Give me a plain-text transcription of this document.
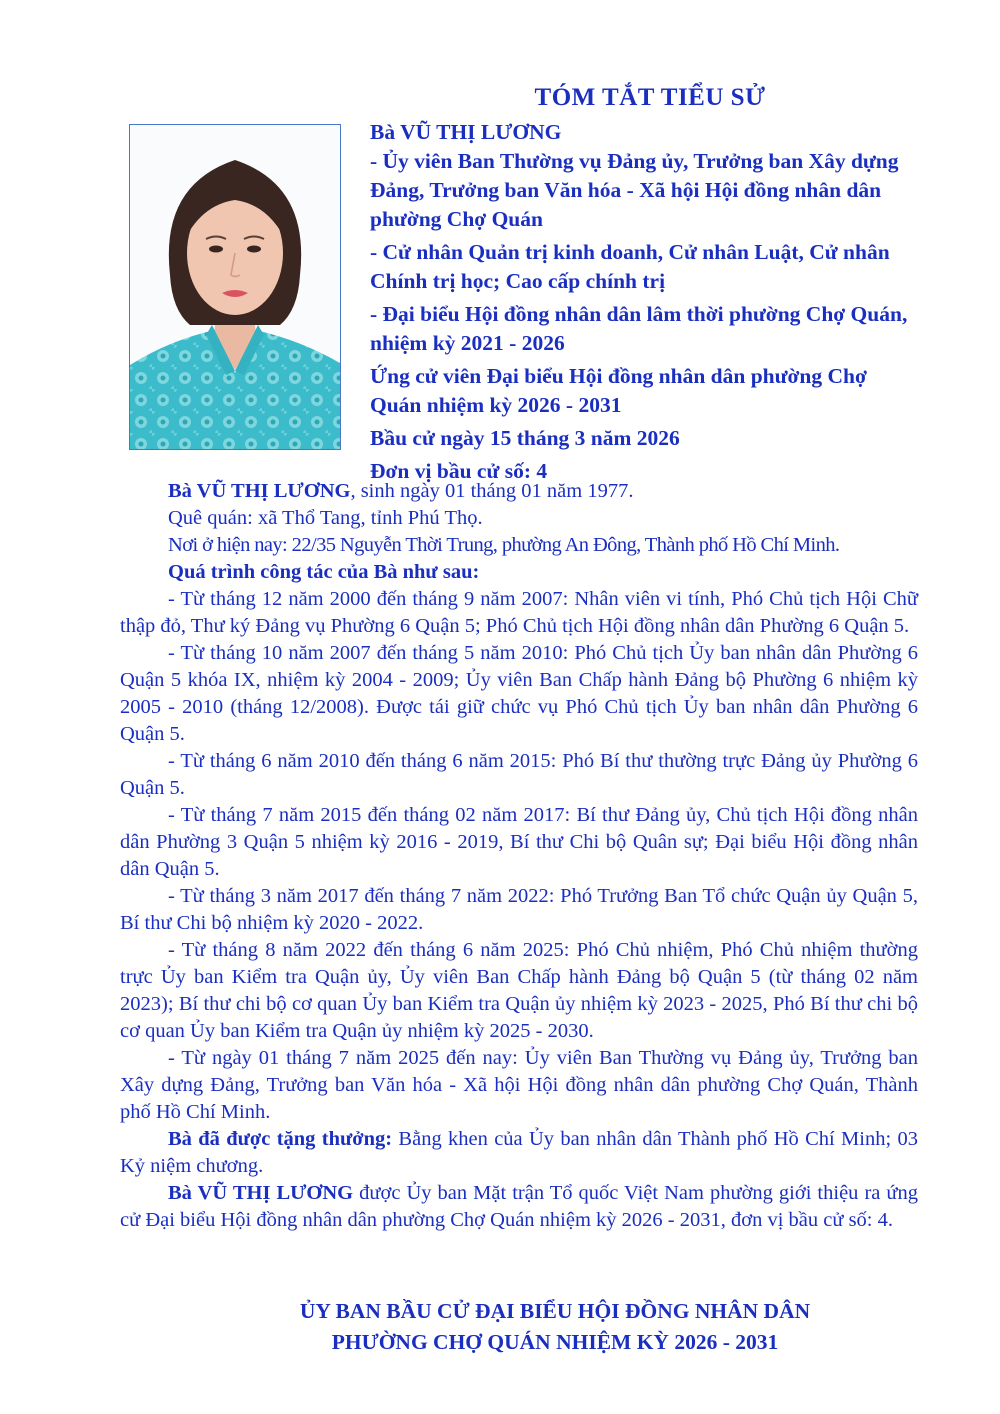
TÓM TẮT TIỂU SỬ

Bà VŨ THỊ LƯƠNG

- Ủy viên Ban Thường vụ Đảng ủy, Trưởng ban Xây dựng Đảng, Trưởng ban Văn hóa - Xã hội Hội đồng nhân dân phường Chợ Quán

- Cử nhân Quản trị kinh doanh, Cử nhân Luật, Cử nhân Chính trị học; Cao cấp chính trị

- Đại biểu Hội đồng nhân dân lâm thời phường Chợ Quán, nhiệm kỳ 2021 - 2026

Ứng cử viên Đại biểu Hội đồng nhân dân phường Chợ Quán nhiệm kỳ 2026 - 2031

Bầu cử ngày 15 tháng 3 năm 2026

Đơn vị bầu cử số: 4

Bà VŨ THỊ LƯƠNG, sinh ngày 01 tháng 01 năm 1977.

Quê quán: xã Thổ Tang, tỉnh Phú Thọ.

Nơi ở hiện nay: 22/35 Nguyễn Thời Trung, phường An Đông, Thành phố Hồ Chí Minh.

Quá trình công tác của Bà như sau:

- Từ tháng 12 năm 2000 đến tháng 9 năm 2007: Nhân viên vi tính, Phó Chủ tịch Hội Chữ thập đỏ, Thư ký Đảng vụ Phường 6 Quận 5; Phó Chủ tịch Hội đồng nhân dân Phường 6 Quận 5.

- Từ tháng 10 năm 2007 đến tháng 5 năm 2010: Phó Chủ tịch Ủy ban nhân dân Phường 6 Quận 5 khóa IX, nhiệm kỳ 2004 - 2009; Ủy viên Ban Chấp hành Đảng bộ Phường 6 nhiệm kỳ 2005 - 2010 (tháng 12/2008). Được tái giữ chức vụ Phó Chủ tịch Ủy ban nhân dân Phường 6 Quận 5.

- Từ tháng 6 năm 2010 đến tháng 6 năm 2015: Phó Bí thư thường trực Đảng ủy Phường 6 Quận 5.

- Từ tháng 7 năm 2015 đến tháng 02 năm 2017: Bí thư Đảng ủy, Chủ tịch Hội đồng nhân dân Phường 3 Quận 5 nhiệm kỳ 2016 - 2019, Bí thư Chi bộ Quân sự; Đại biểu Hội đồng nhân dân Quận 5.

- Từ tháng 3 năm 2017 đến tháng 7 năm 2022: Phó Trưởng Ban Tổ chức Quận ủy Quận 5, Bí thư Chi bộ nhiệm kỳ 2020 - 2022.

- Từ tháng 8 năm 2022 đến tháng 6 năm 2025: Phó Chủ nhiệm, Phó Chủ nhiệm thường trực Ủy ban Kiểm tra Quận ủy, Ủy viên Ban Chấp hành Đảng bộ Quận 5 (từ tháng 02 năm 2023); Bí thư chi bộ cơ quan Ủy ban Kiểm tra Quận ủy nhiệm kỳ 2023 - 2025, Phó Bí thư chi bộ cơ quan Ủy ban Kiểm tra Quận ủy nhiệm kỳ 2025 - 2030.

- Từ ngày 01 tháng 7 năm 2025 đến nay: Ủy viên Ban Thường vụ Đảng ủy, Trưởng ban Xây dựng Đảng, Trưởng ban Văn hóa - Xã hội Hội đồng nhân dân phường Chợ Quán, Thành phố Hồ Chí Minh.

Bà đã được tặng thưởng: Bằng khen của Ủy ban nhân dân Thành phố Hồ Chí Minh; 03 Kỷ niệm chương.

Bà VŨ THỊ LƯƠNG được Ủy ban Mặt trận Tổ quốc Việt Nam phường giới thiệu ra ứng cử Đại biểu Hội đồng nhân dân phường Chợ Quán nhiệm kỳ 2026 - 2031, đơn vị bầu cử số: 4.

ỦY BAN BẦU CỬ ĐẠI BIỂU HỘI ĐỒNG NHÂN DÂN

PHƯỜNG CHỢ QUÁN NHIỆM KỲ 2026 - 2031
